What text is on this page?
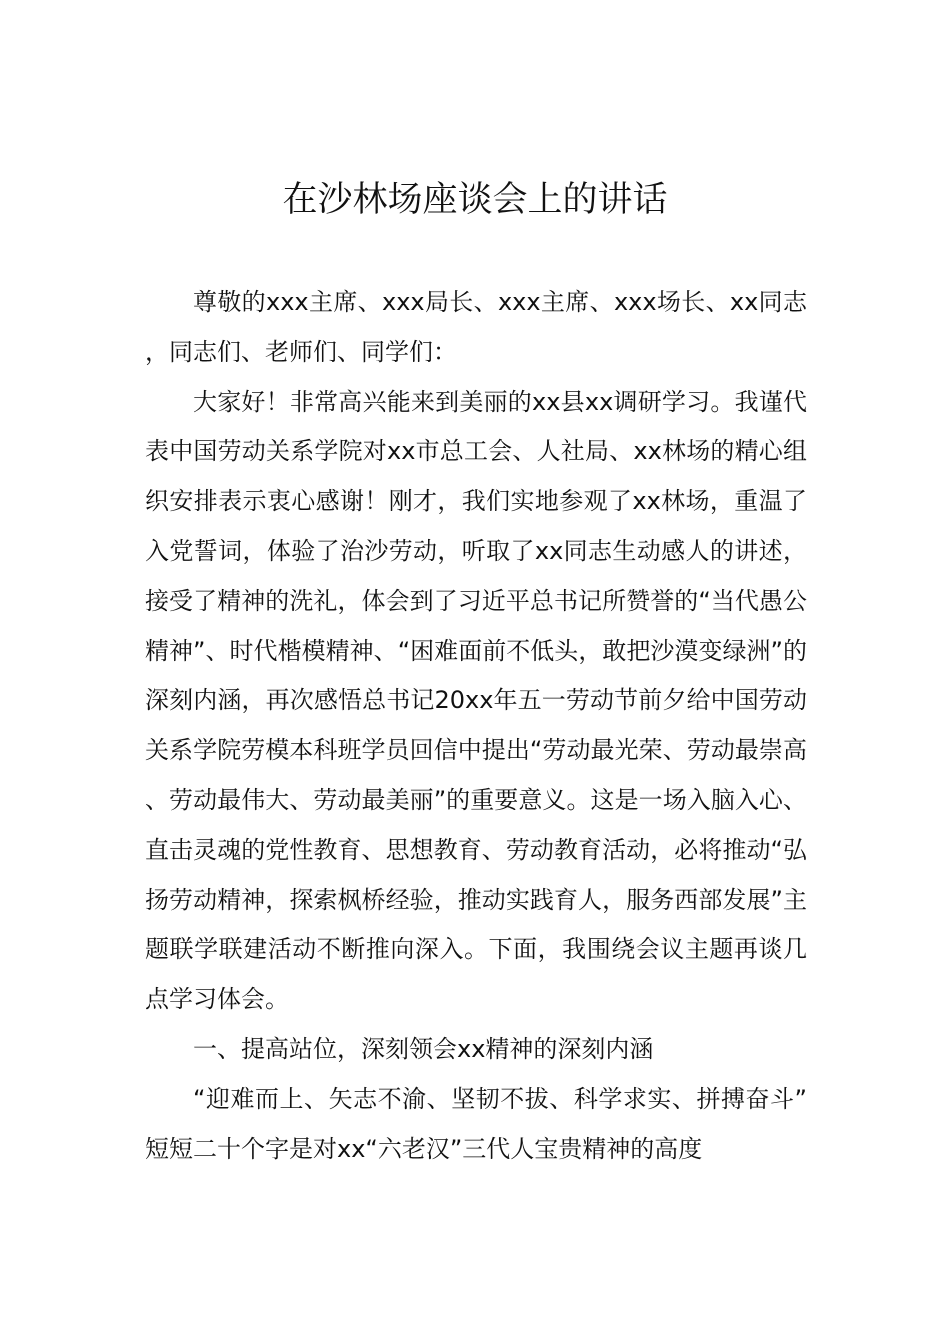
在沙林场座谈会上的讲话

尊敬的xxx主席、xxx局长、xxx主席、xxx场长、xx同志，同志们、老师们、同学们：

大家好！非常高兴能来到美丽的xx县xx调研学习。我谨代表中国劳动关系学院对xx市总工会、人社局、xx林场的精心组织安排表示衷心感谢！刚才，我们实地参观了xx林场，重温了入党誓词，体验了治沙劳动，听取了xx同志生动感人的讲述，接受了精神的洗礼，体会到了习近平总书记所赞誉的“当代愚公精神”、时代楷模精神、“困难面前不低头，敢把沙漠变绿洲”的深刻内涵，再次感悟总书记20xx年五一劳动节前夕给中国劳动关系学院劳模本科班学员回信中提出“劳动最光荣、劳动最崇高、劳动最伟大、劳动最美丽”的重要意义。这是一场入脑入心、直击灵魂的党性教育、思想教育、劳动教育活动，必将推动“弘扬劳动精神，探索枫桥经验，推动实践育人，服务西部发展”主题联学联建活动不断推向深入。下面，我围绕会议主题再谈几点学习体会。

一、提高站位，深刻领会xx精神的深刻内涵

“迎难而上、矢志不渝、坚韧不拔、科学求实、拼搏奋斗”短短二十个字是对xx“六老汉”三代人宝贵精神的高度
